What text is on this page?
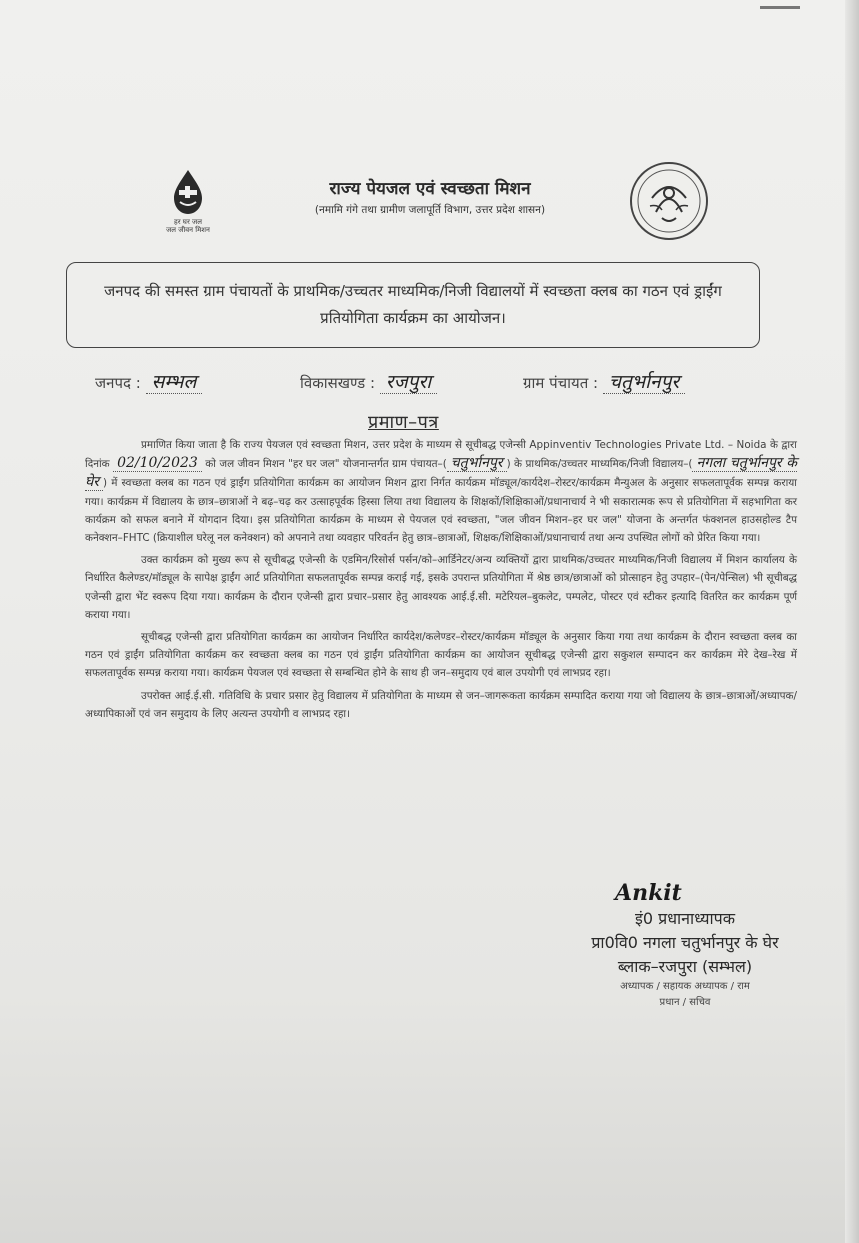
हर घर जल
जल जीवन मिशन
राज्य पेयजल एवं स्वच्छता मिशन
(नमामि गंगे तथा ग्रामीण जलापूर्ति विभाग, उत्तर प्रदेश शासन)
जनपद की समस्त ग्राम पंचायतों के प्राथमिक/उच्चतर माध्यमिक/निजी विद्यालयों में स्वच्छता क्लब का गठन एवं ड्राईंग प्रतियोगिता कार्यक्रम का आयोजन।
जनपद : सम्भल	विकासखण्ड : रजपुरा	ग्राम पंचायत : चतुर्भानपुर
प्रमाण–पत्र

प्रमाणित किया जाता है कि राज्य पेयजल एवं स्वच्छता मिशन, उत्तर प्रदेश के माध्यम से सूचीबद्ध एजेन्सी Appinventiv Technologies Private Ltd. – Noida के द्वारा दिनांक 02/10/2023 को जल जीवन मिशन "हर घर जल" योजनान्तर्गत ग्राम पंचायत–( चतुर्भानपुर ) के प्राथमिक/उच्चतर माध्यमिक/निजी विद्यालय–( नगला चतुर्भानपुर के घेर ) में स्वच्छता क्लब का गठन एवं ड्राईंग प्रतियोगिता कार्यक्रम का आयोजन मिशन द्वारा निर्गत कार्यक्रम मॉड्यूल/कार्यदेश–रोस्टर/कार्यक्रम मैन्युअल के अनुसार सफलतापूर्वक सम्पन्न कराया गया। कार्यक्रम में विद्यालय के छात्र–छात्राओं ने बढ़–चढ़ कर उत्साहपूर्वक हिस्सा लिया तथा विद्यालय के शिक्षकों/शिक्षिकाओं/प्रधानाचार्य ने भी सकारात्मक रूप से प्रतियोगिता में सहभागिता कर कार्यक्रम को सफल बनाने में योगदान दिया। इस प्रतियोगिता कार्यक्रम के माध्यम से पेयजल एवं स्वच्छता, "जल जीवन मिशन–हर घर जल" योजना के अन्तर्गत फंक्शनल हाउसहोल्ड टैप कनेक्शन–FHTC (क्रियाशील घरेलू नल कनेक्शन) को अपनाने तथा व्यवहार परिवर्तन हेतु छात्र–छात्राओं, शिक्षक/शिक्षिकाओं/प्रधानाचार्य तथा अन्य उपस्थित लोगों को प्रेरित किया गया।

उक्त कार्यक्रम को मुख्य रूप से सूचीबद्ध एजेन्सी के एडमिन/रिसोर्स पर्सन/को–आर्डिनेटर/अन्य व्यक्तियों द्वारा प्राथमिक/उच्चतर माध्यमिक/निजी विद्यालय में मिशन कार्यालय के निर्धारित कैलेण्डर/मॉड्यूल के सापेक्ष ड्राईंग आर्ट प्रतियोगिता सफलतापूर्वक सम्पन्न कराई गई, इसके उपरान्त प्रतियोगिता में श्रेष्ठ छात्र/छात्राओं को प्रोत्साहन हेतु उपहार–(पेन/पेन्सिल) भी सूचीबद्ध एजेन्सी द्वारा भेंट स्वरूप दिया गया। कार्यक्रम के दौरान एजेन्सी द्वारा प्रचार–प्रसार हेतु आवश्यक आई.ई.सी. मटेरियल–बुकलेट, पम्पलेट, पोस्टर एवं स्टीकर इत्यादि वितरित कर कार्यक्रम पूर्ण कराया गया।

सूचीबद्ध एजेन्सी द्वारा प्रतियोगिता कार्यक्रम का आयोजन निर्धारित कार्यदेश/कलेण्डर–रोस्टर/कार्यक्रम मॉड्यूल के अनुसार किया गया तथा कार्यक्रम के दौरान स्वच्छता क्लब का गठन एवं ड्राईंग प्रतियोगिता कार्यक्रम कर स्वच्छता क्लब का गठन एवं ड्राईंग प्रतियोगिता कार्यक्रम का आयोजन सूचीबद्ध एजेन्सी द्वारा सकुशल सम्पादन कर कार्यक्रम मेरे देख–रेख में सफलतापूर्वक सम्पन्न कराया गया। कार्यक्रम पेयजल एवं स्वच्छता से सम्बन्धित होने के साथ ही जन–समुदाय एवं बाल उपयोगी एवं लाभप्रद रहा।

उपरोक्त आई.ई.सी. गतिविधि के प्रचार प्रसार हेतु विद्यालय में प्रतियोगिता के माध्यम से जन–जागरूकता कार्यक्रम सम्पादित कराया गया जो विद्यालय के छात्र–छात्राओं/अध्यापक/अध्यापिकाओं एवं जन समुदाय के लिए अत्यन्त उपयोगी व लाभप्रद रहा।

Ankit
इं0 प्रधानाध्यापक
प्रा0वि0 नगला चतुर्भानपुर के घेर
ब्लाक–रजपुरा (सम्भल)
अध्यापक / सहायक अध्यापक / राम
प्रधान / सचिव
